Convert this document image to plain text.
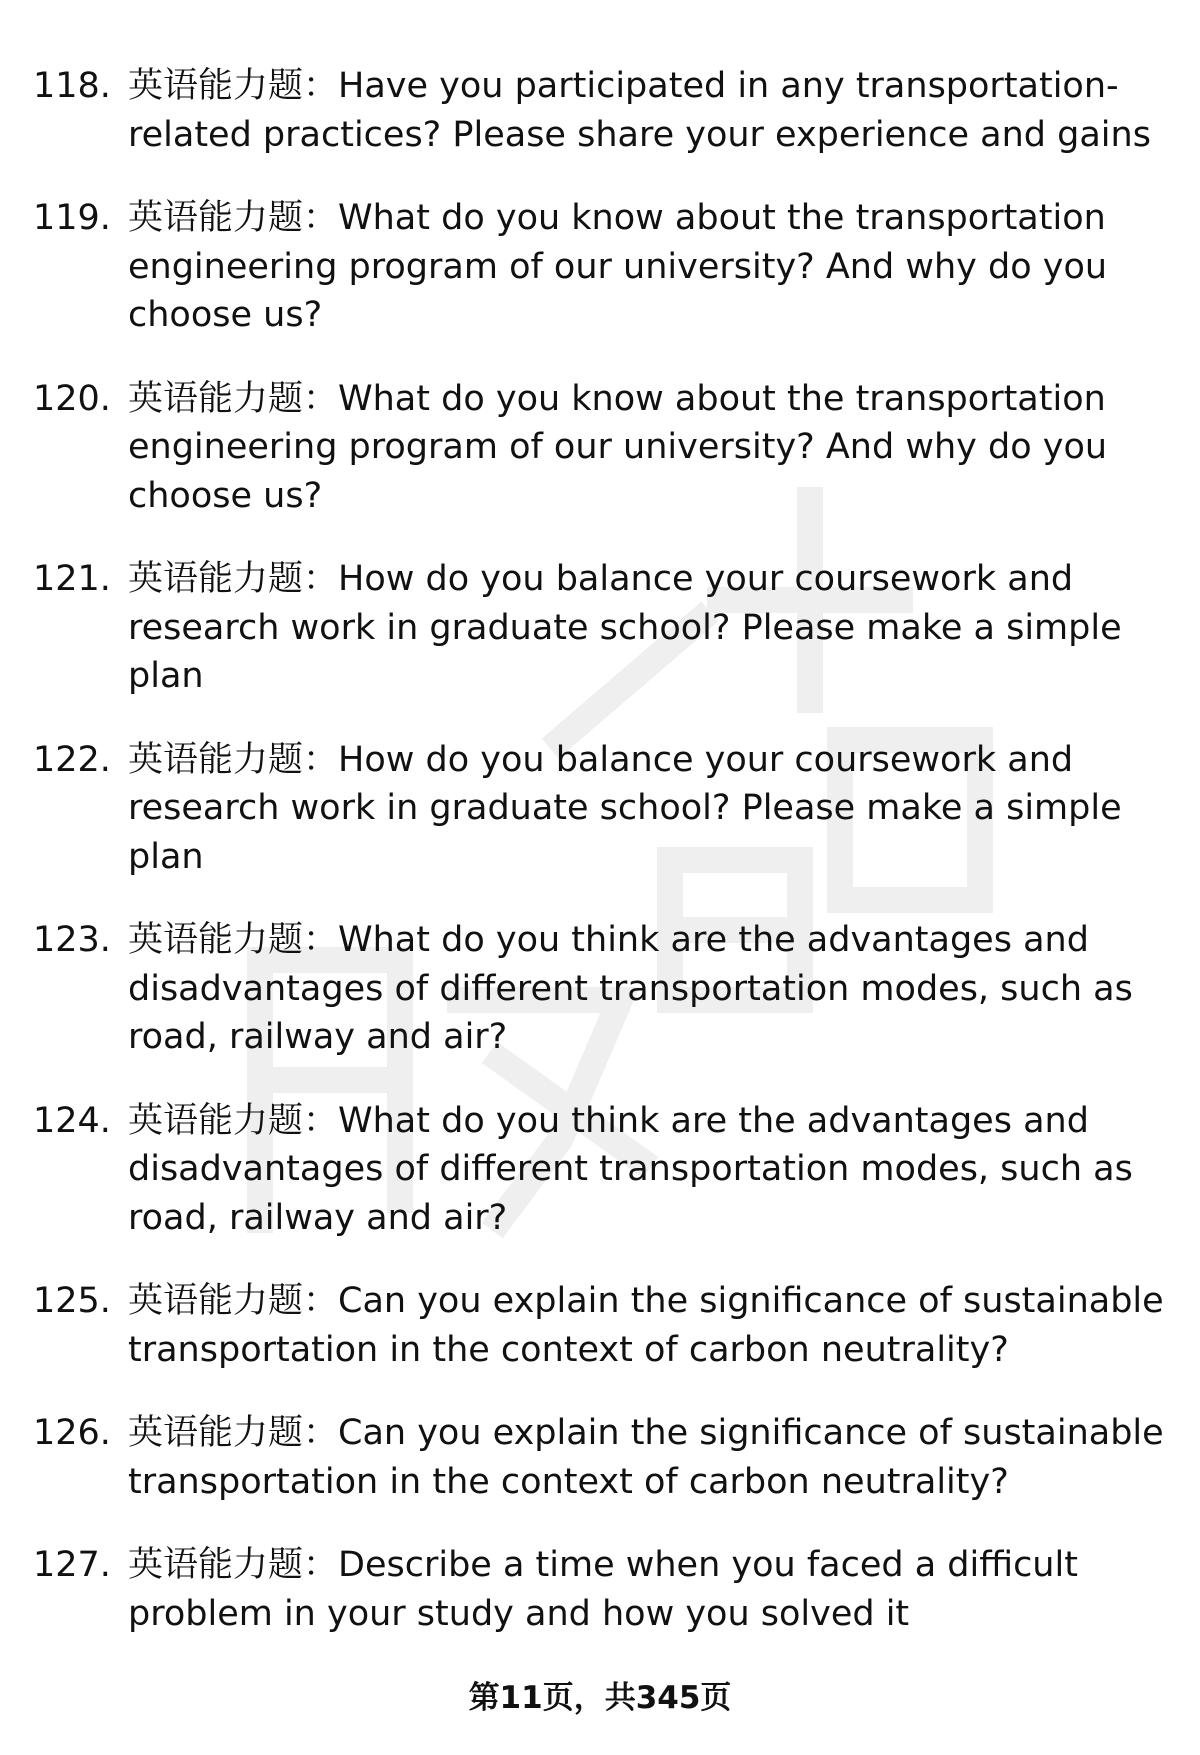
118. 英语能力题：Have you participated in any transportation-related practices? Please share your experience and gains
119. 英语能力题：What do you know about the transportation engineering program of our university? And why do you choose us?
120. 英语能力题：What do you know about the transportation engineering program of our university? And why do you choose us?
121. 英语能力题：How do you balance your coursework and research work in graduate school? Please make a simple plan
122. 英语能力题：How do you balance your coursework and research work in graduate school? Please make a simple plan
123. 英语能力题：What do you think are the advantages and disadvantages of different transportation modes, such as road, railway and air?
124. 英语能力题：What do you think are the advantages and disadvantages of different transportation modes, such as road, railway and air?
125. 英语能力题：Can you explain the significance of sustainable transportation in the context of carbon neutrality?
126. 英语能力题：Can you explain the significance of sustainable transportation in the context of carbon neutrality?
127. 英语能力题：Describe a time when you faced a difficult problem in your study and how you solved it
第11页，共345页
